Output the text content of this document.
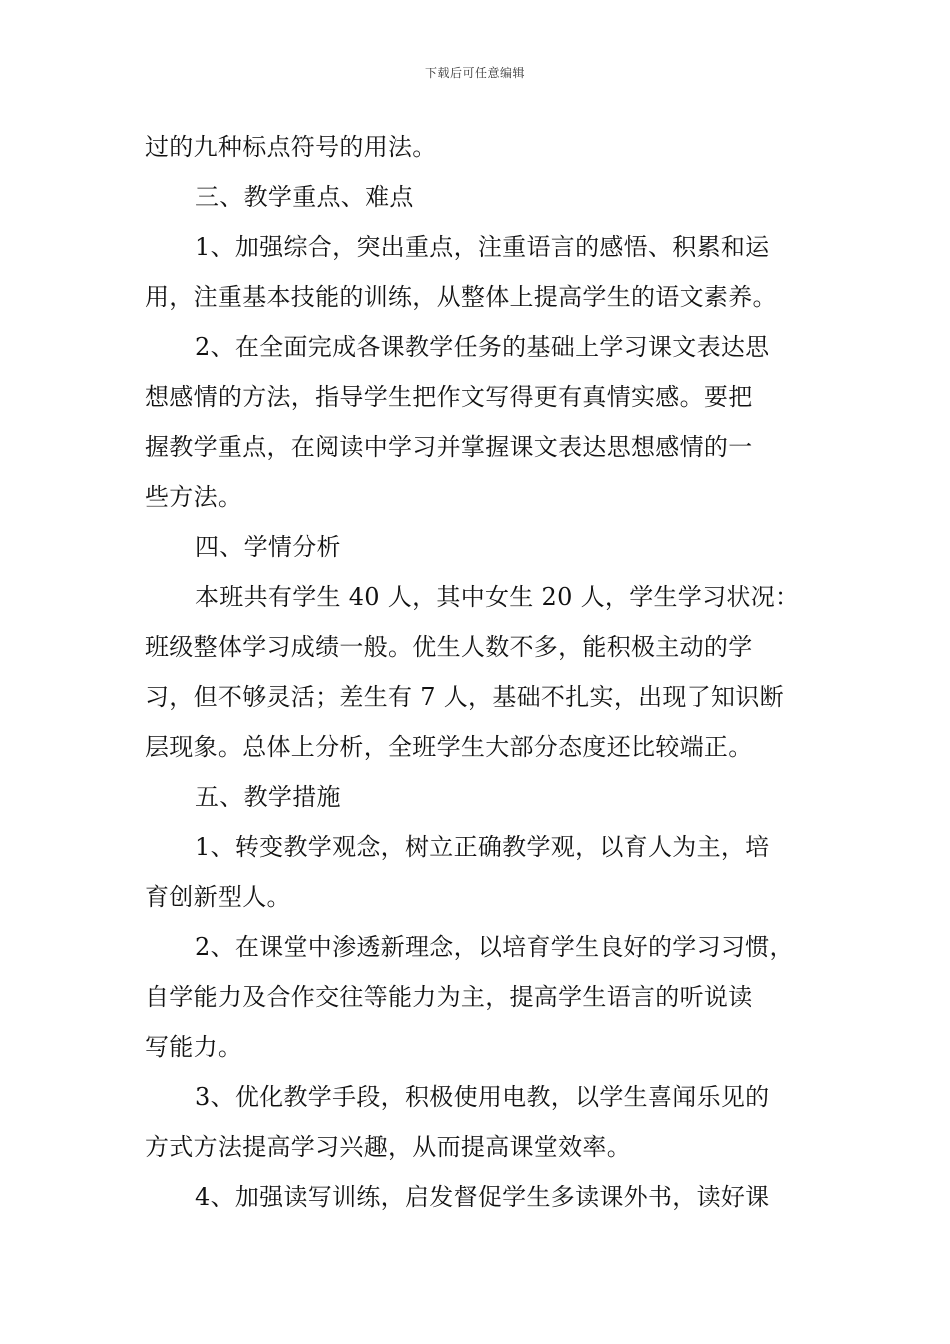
下载后可任意编辑
过的九种标点符号的用法。
三、教学重点、难点
1、加强综合，突出重点，注重语言的感悟、积累和运
用，注重基本技能的训练，从整体上提高学生的语文素养。
2、在全面完成各课教学任务的基础上学习课文表达思
想感情的方法，指导学生把作文写得更有真情实感。要把
握教学重点，在阅读中学习并掌握课文表达思想感情的一
些方法。
四、学情分析
本班共有学生 40 人，其中女生 20 人，学生学习状况：
班级整体学习成绩一般。优生人数不多，能积极主动的学
习，但不够灵活；差生有 7 人，基础不扎实，出现了知识断
层现象。总体上分析，全班学生大部分态度还比较端正。
五、教学措施
1、转变教学观念，树立正确教学观，以育人为主，培
育创新型人。
2、在课堂中渗透新理念，以培育学生良好的学习习惯，
自学能力及合作交往等能力为主，提高学生语言的听说读
写能力。
3、优化教学手段，积极使用电教，以学生喜闻乐见的
方式方法提高学习兴趣，从而提高课堂效率。
4、加强读写训练，启发督促学生多读课外书，读好课
